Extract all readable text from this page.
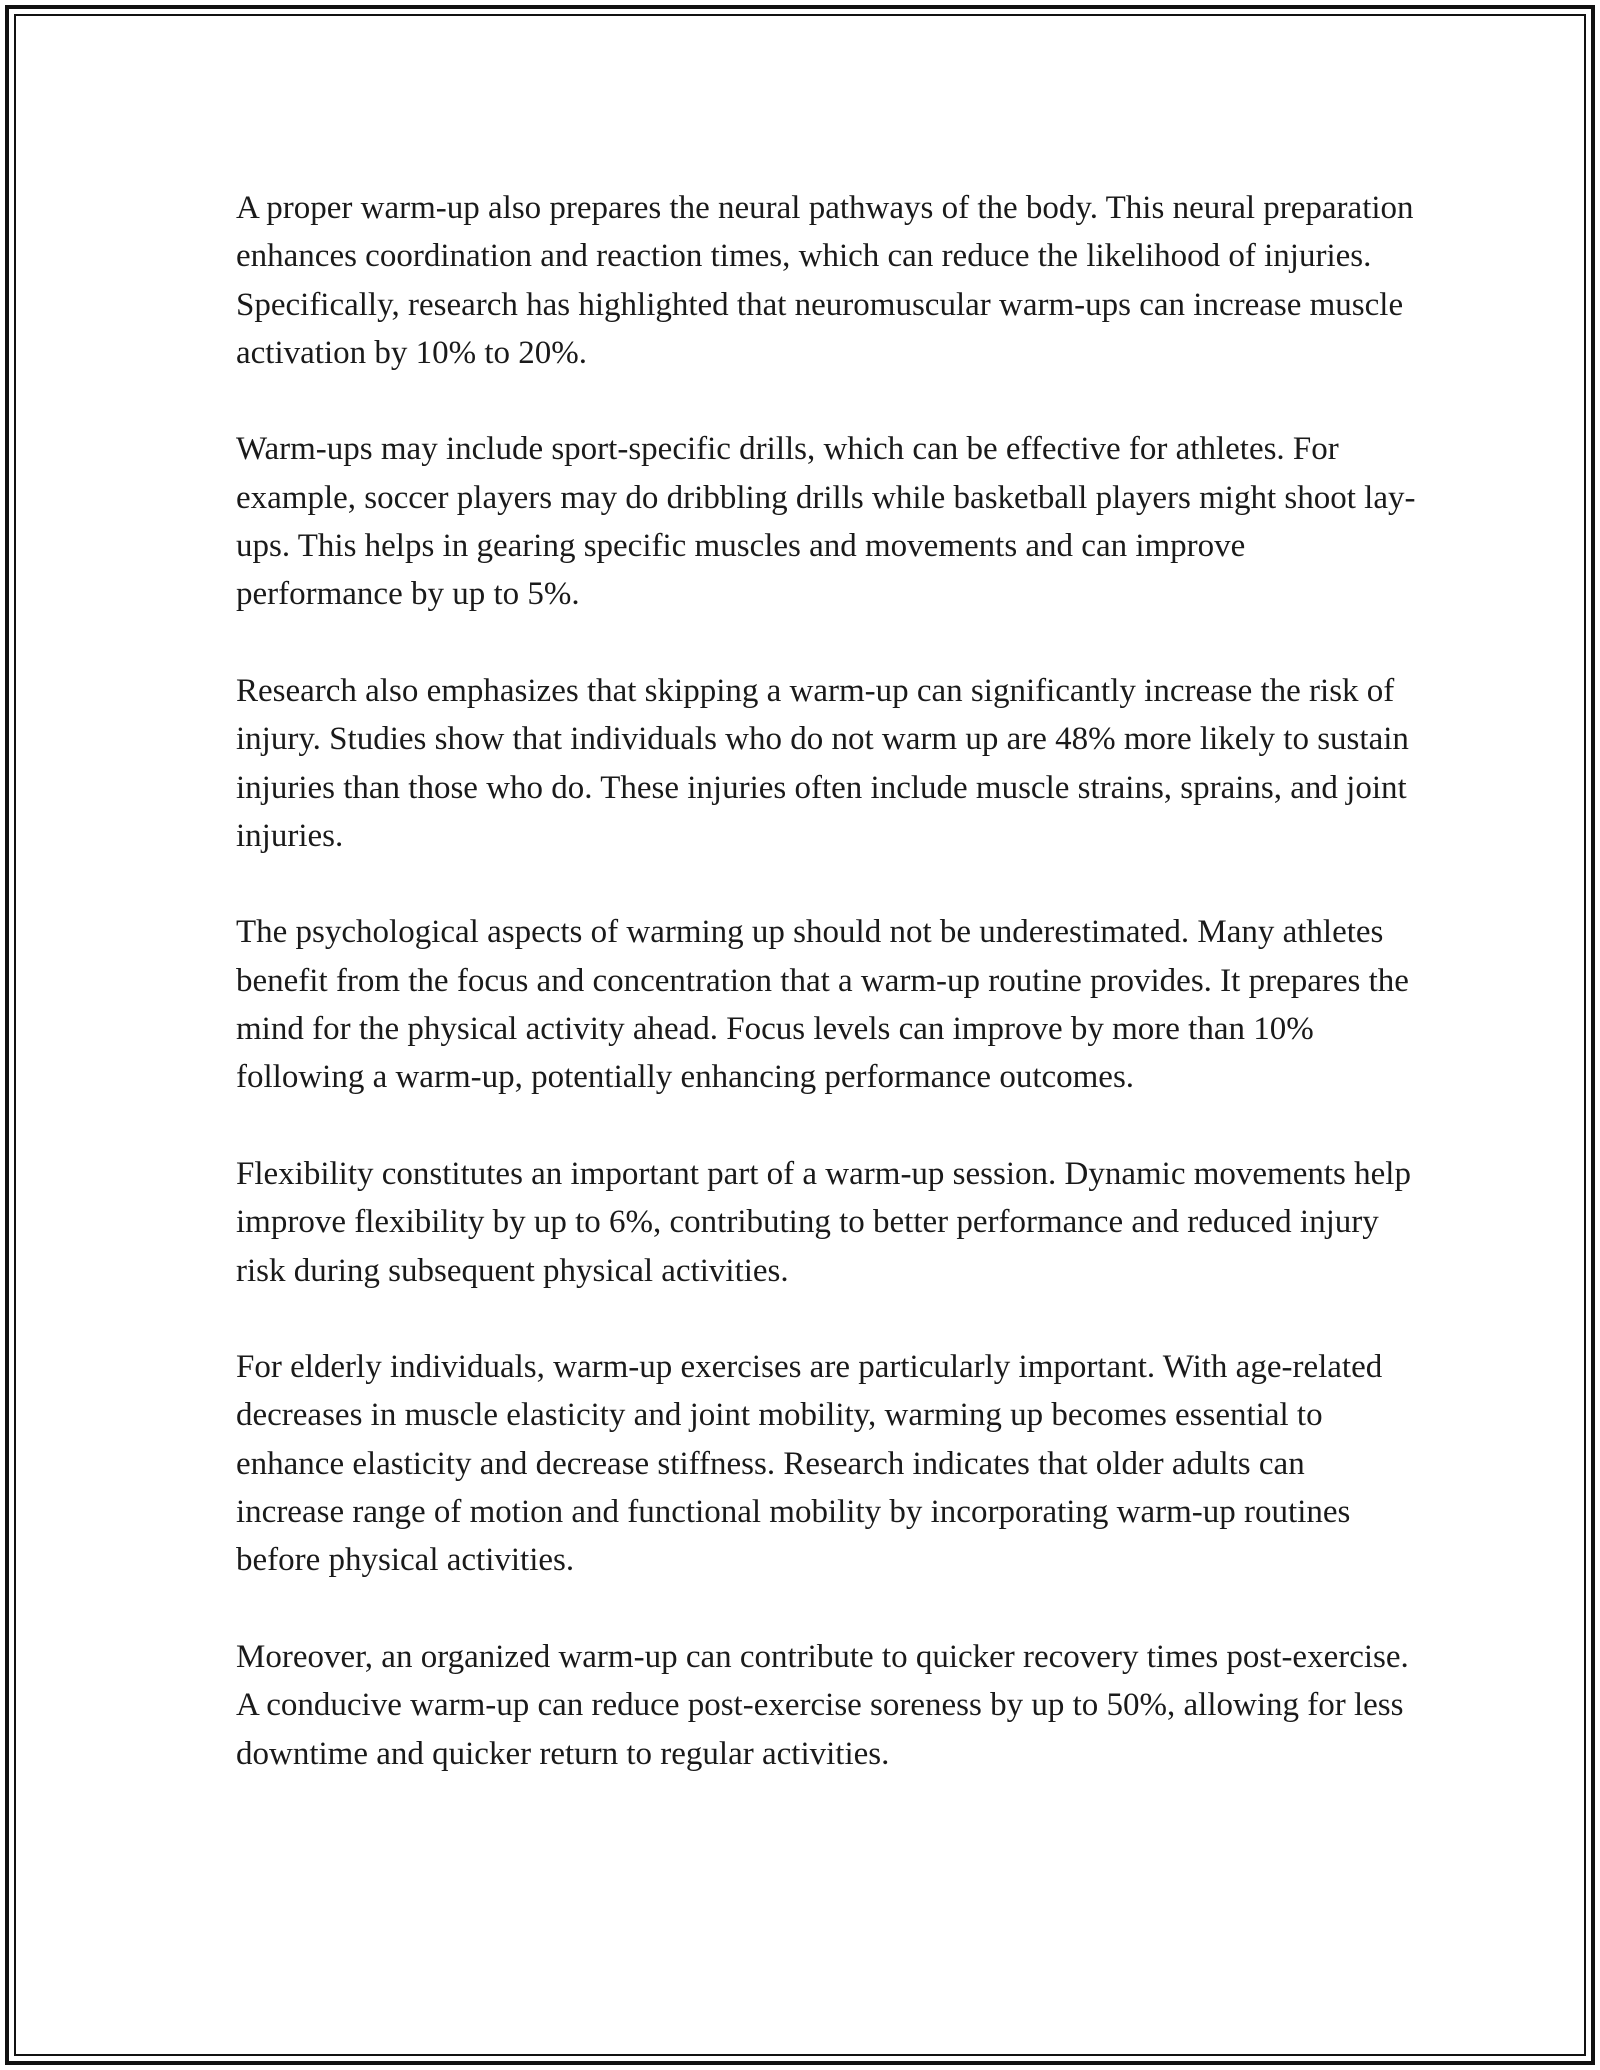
A proper warm-up also prepares the neural pathways of the body. This neural preparation enhances coordination and reaction times, which can reduce the likelihood of injuries. Specifically, research has highlighted that neuromuscular warm-ups can increase muscle activation by 10% to 20%.

Warm-ups may include sport-specific drills, which can be effective for athletes. For example, soccer players may do dribbling drills while basketball players might shoot lay-ups. This helps in gearing specific muscles and movements and can improve performance by up to 5%.

Research also emphasizes that skipping a warm-up can significantly increase the risk of injury. Studies show that individuals who do not warm up are 48% more likely to sustain injuries than those who do. These injuries often include muscle strains, sprains, and joint injuries.

The psychological aspects of warming up should not be underestimated. Many athletes benefit from the focus and concentration that a warm-up routine provides. It prepares the mind for the physical activity ahead. Focus levels can improve by more than 10% following a warm-up, potentially enhancing performance outcomes.

Flexibility constitutes an important part of a warm-up session. Dynamic movements help improve flexibility by up to 6%, contributing to better performance and reduced injury risk during subsequent physical activities.

For elderly individuals, warm-up exercises are particularly important. With age-related decreases in muscle elasticity and joint mobility, warming up becomes essential to enhance elasticity and decrease stiffness. Research indicates that older adults can increase range of motion and functional mobility by incorporating warm-up routines before physical activities.

Moreover, an organized warm-up can contribute to quicker recovery times post-exercise. A conducive warm-up can reduce post-exercise soreness by up to 50%, allowing for less downtime and quicker return to regular activities.
